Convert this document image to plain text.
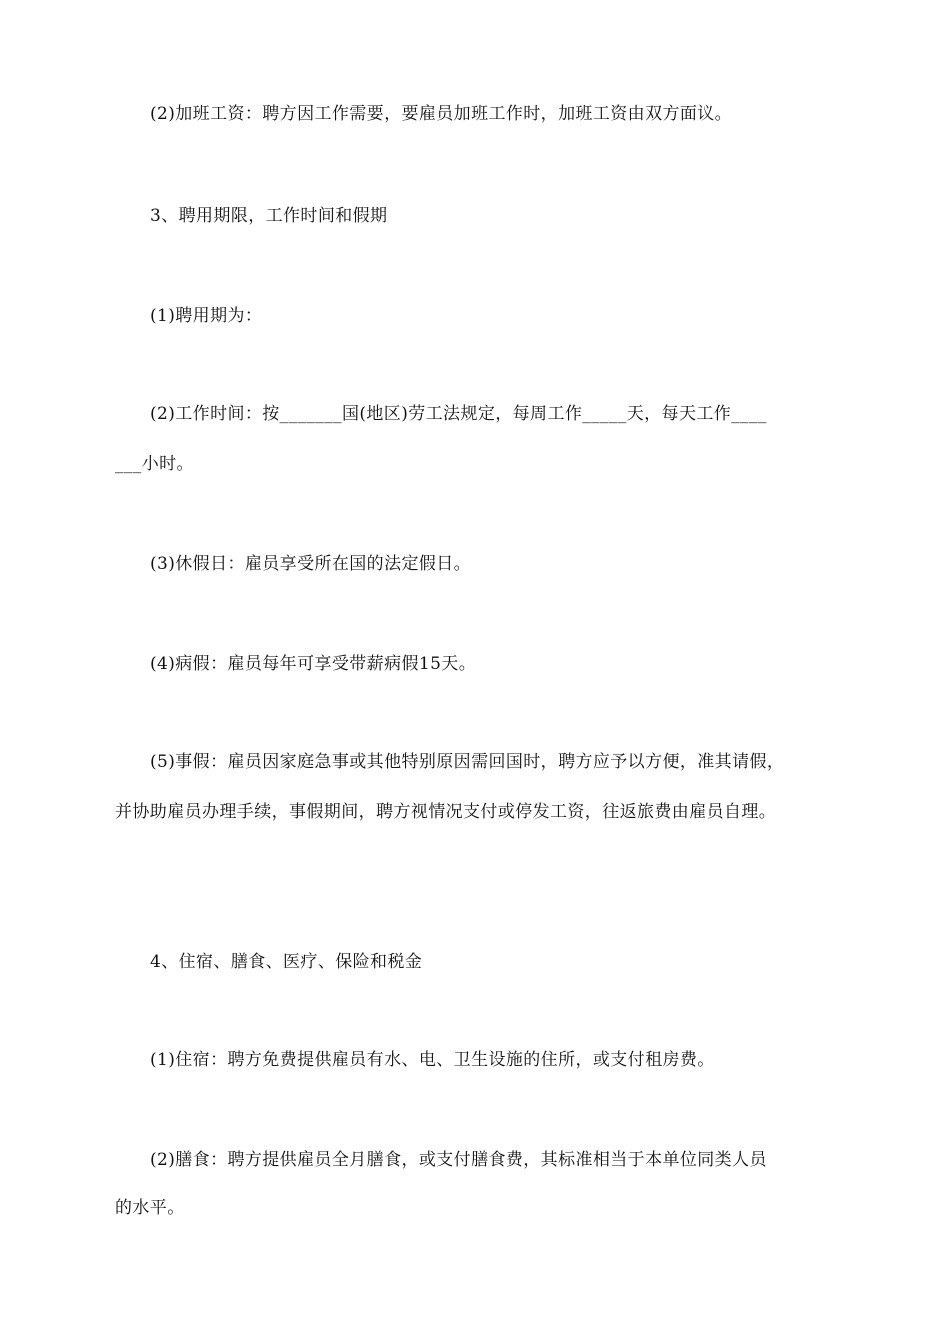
(2)加班工资：聘方因工作需要，要雇员加班工作时，加班工资由双方面议。
3、聘用期限，工作时间和假期
(1)聘用期为：
(2)工作时间：按_______国(地区)劳工法规定，每周工作_____天，每天工作____
___小时。
(3)休假日：雇员享受所在国的法定假日。
(4)病假：雇员每年可享受带薪病假15天。
(5)事假：雇员因家庭急事或其他特别原因需回国时，聘方应予以方便，准其请假，
并协助雇员办理手续，事假期间，聘方视情况支付或停发工资，往返旅费由雇员自理。
4、住宿、膳食、医疗、保险和税金
(1)住宿：聘方免费提供雇员有水、电、卫生设施的住所，或支付租房费。
(2)膳食：聘方提供雇员全月膳食，或支付膳食费，其标准相当于本单位同类人员
的水平。
